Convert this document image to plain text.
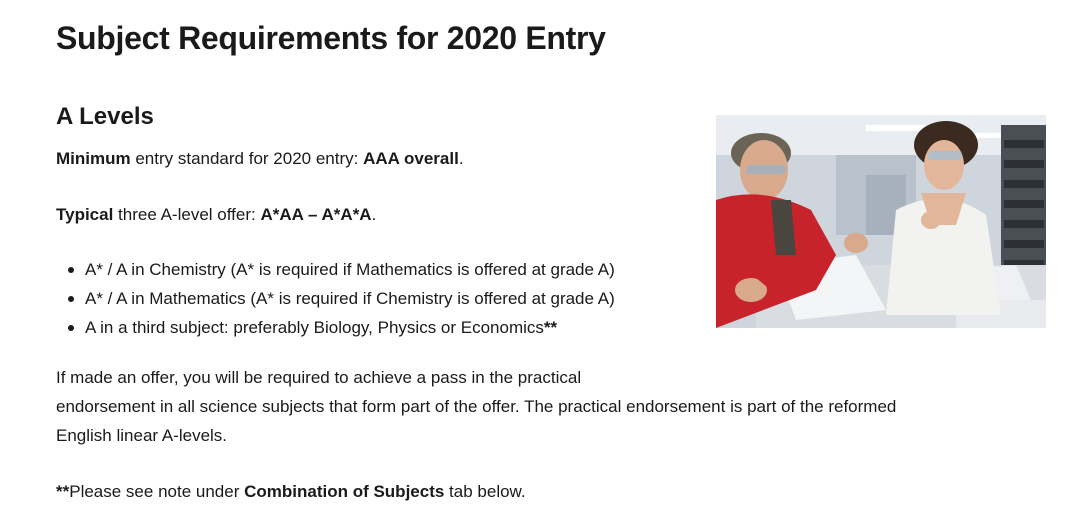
Subject Requirements for 2020 Entry
A Levels

Minimum entry standard for 2020 entry: AAA overall.

Typical three A-level offer: A*AA – A*A*A.

A* / A in Chemistry (A* is required if Mathematics is offered at grade A)
A* / A in Mathematics (A* is required if Chemistry is offered at grade A)
A in a third subject: preferably Biology, Physics or Economics**

If made an offer, you will be required to achieve a pass in the practical
endorsement in all science subjects that form part of the offer. The practical endorsement is part of the reformed
English linear A-levels.

**Please see note under Combination of Subjects tab below.
